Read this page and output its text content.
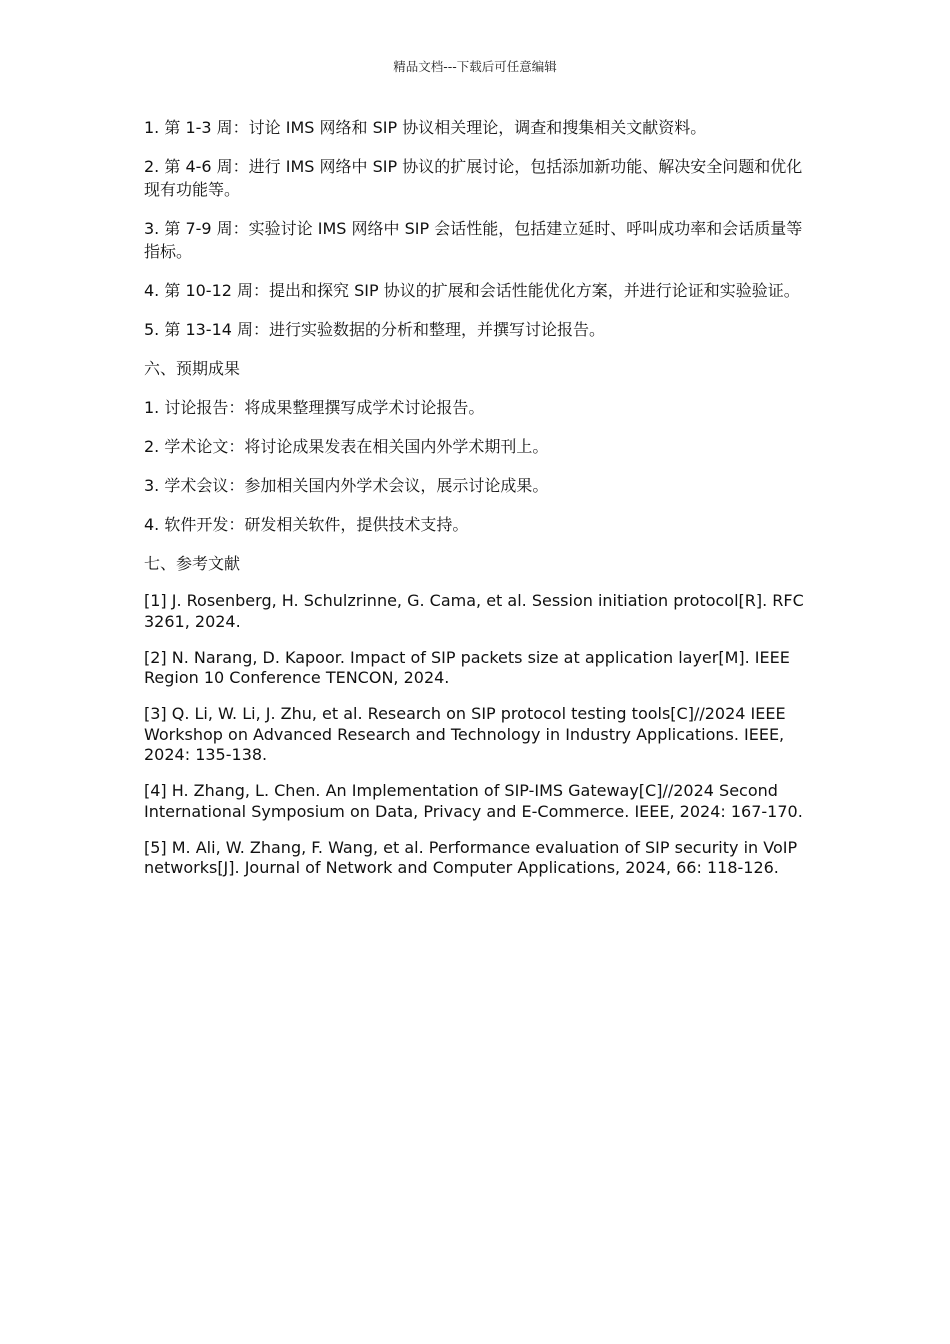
精品文档---下载后可任意编辑

1. 第 1-3 周：讨论 IMS 网络和 SIP 协议相关理论，调查和搜集相关文献资料。

2. 第 4-6 周：进行 IMS 网络中 SIP 协议的扩展讨论，包括添加新功能、解决安全问题和优化现有功能等。

3. 第 7-9 周：实验讨论 IMS 网络中 SIP 会话性能，包括建立延时、呼叫成功率和会话质量等指标。

4. 第 10-12 周：提出和探究 SIP 协议的扩展和会话性能优化方案，并进行论证和实验验证。

5. 第 13-14 周：进行实验数据的分析和整理，并撰写讨论报告。

六、预期成果

1. 讨论报告：将成果整理撰写成学术讨论报告。

2. 学术论文：将讨论成果发表在相关国内外学术期刊上。

3. 学术会议：参加相关国内外学术会议，展示讨论成果。

4. 软件开发：研发相关软件，提供技术支持。

七、参考文献

[1] J. Rosenberg, H. Schulzrinne, G. Cama, et al. Session initiation protocol[R]. RFC 3261, 2024.

[2] N. Narang, D. Kapoor. Impact of SIP packets size at application layer[M]. IEEE Region 10 Conference TENCON, 2024.

[3] Q. Li, W. Li, J. Zhu, et al. Research on SIP protocol testing tools[C]//2024 IEEE Workshop on Advanced Research and Technology in Industry Applications. IEEE, 2024: 135-138.

[4] H. Zhang, L. Chen. An Implementation of SIP-IMS Gateway[C]//2024 Second International Symposium on Data, Privacy and E-Commerce. IEEE, 2024: 167-170.

[5] M. Ali, W. Zhang, F. Wang, et al. Performance evaluation of SIP security in VoIP networks[J]. Journal of Network and Computer Applications, 2024, 66: 118-126.
